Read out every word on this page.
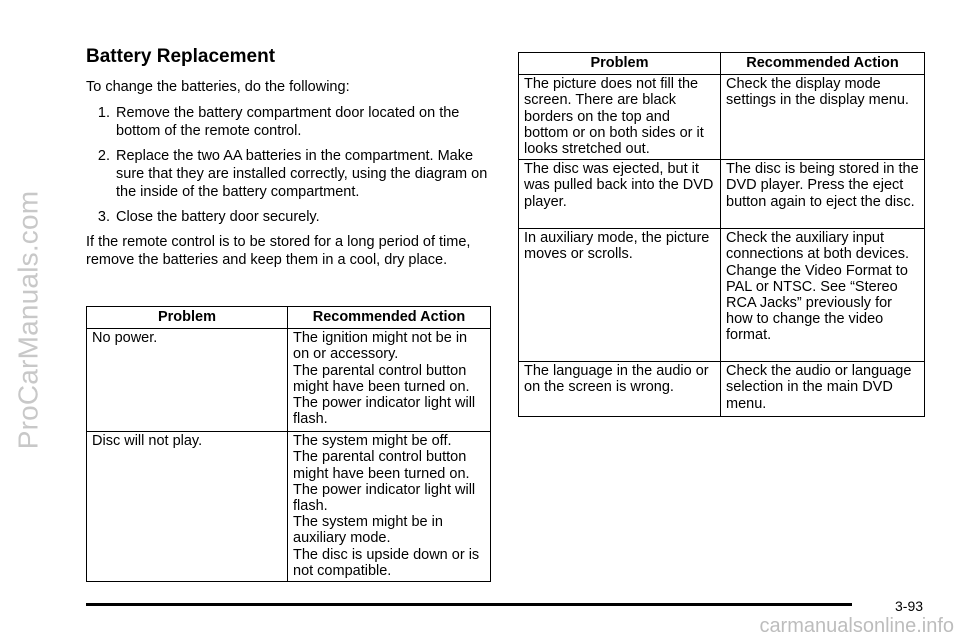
ProCarManuals.com
Battery Replacement

To change the batteries, do the following:

1. Remove the battery compartment door located on the bottom of the remote control.
2. Replace the two AA batteries in the compartment. Make sure that they are installed correctly, using the diagram on the inside of the battery compartment.
3. Close the battery door securely.

If the remote control is to be stored for a long period of time, remove the batteries and keep them in a cool, dry place.

Problem	Recommended Action
No power.	The ignition might not be in on or accessory.
The parental control button might have been turned on. The power indicator light will flash.

Disc will not play.	The system might be off.
The parental control button might have been turned on. The power indicator light will flash.
The system might be in auxiliary mode.
The disc is upside down or is not compatible.
Problem	Recommended Action
The picture does not fill the screen. There are black borders on the top and bottom or on both sides or it looks stretched out.	Check the display mode settings in the display menu.

The disc was ejected, but it was pulled back into the DVD player.	The disc is being stored in the DVD player. Press the eject button again to eject the disc.

In auxiliary mode, the picture moves or scrolls.	Check the auxiliary input connections at both devices.
Change the Video Format to PAL or NTSC. See “Stereo RCA Jacks” previously for how to change the video format.

The language in the audio or on the screen is wrong.	Check the audio or language selection in the main DVD menu.
3-93
carmanualsonline.info
